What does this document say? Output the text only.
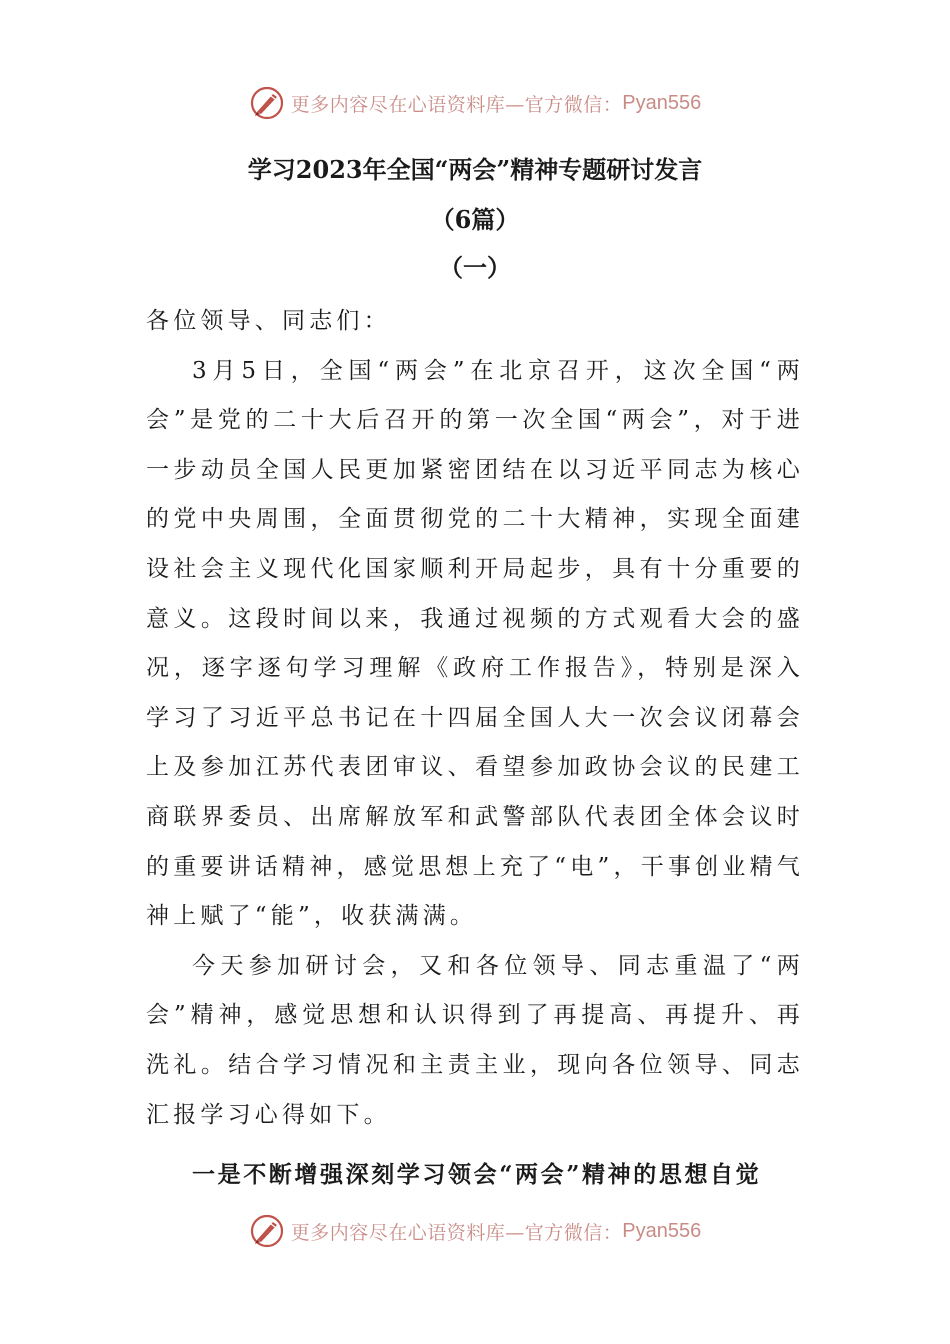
更多内容尽在心语资料库—官方微信： Pyan556
学习2023年全国“两会”精神专题研讨发言
（6篇）
（一）

各位领导、同志们：

3月5日，全国“两会”在北京召开，这次全国“两会”是党的二十大后召开的第一次全国“两会”，对于进一步动员全国人民更加紧密团结在以习近平同志为核心的党中央周围，全面贯彻党的二十大精神，实现全面建设社会主义现代化国家顺利开局起步，具有十分重要的意义。这段时间以来，我通过视频的方式观看大会的盛况，逐字逐句学习理解《政府工作报告》，特别是深入学习了习近平总书记在十四届全国人大一次会议闭幕会上及参加江苏代表团审议、看望参加政协会议的民建工商联界委员、出席解放军和武警部队代表团全体会议时的重要讲话精神，感觉思想上充了“电”，干事创业精气神上赋了“能”，收获满满。

今天参加研讨会，又和各位领导、同志重温了“两会”精神，感觉思想和认识得到了再提高、再提升、再洗礼。结合学习情况和主责主业，现向各位领导、同志汇报学习心得如下。

一是不断增强深刻学习领会“两会”精神的思想自觉

更多内容尽在心语资料库—官方微信： Pyan556
